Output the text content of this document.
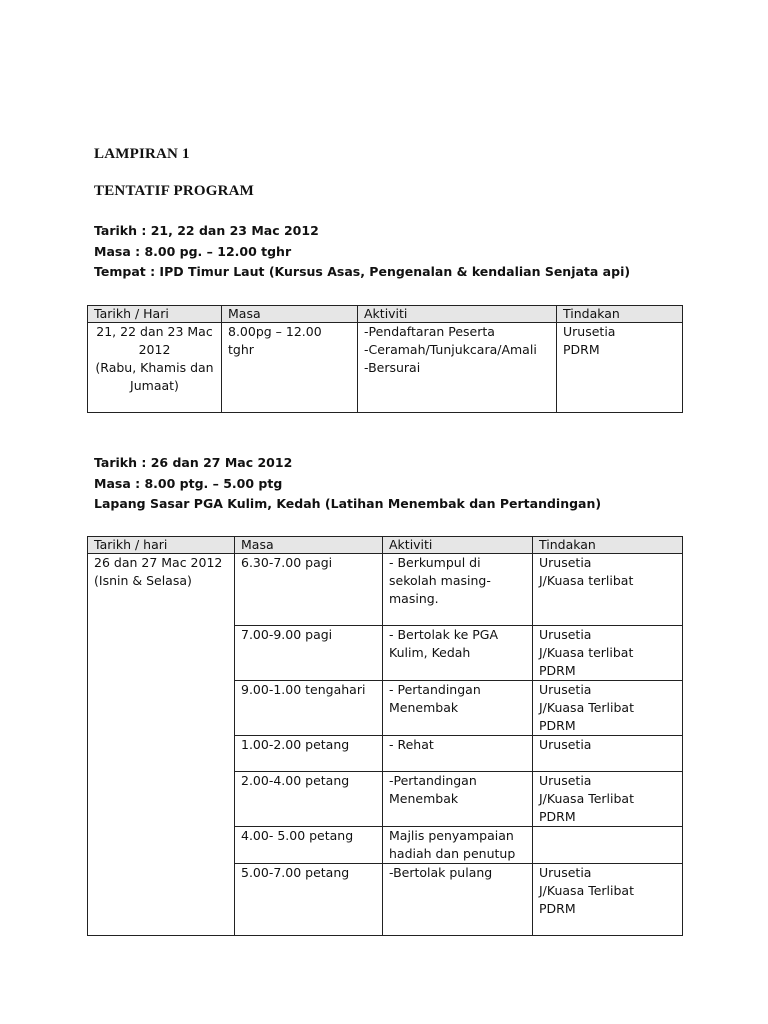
LAMPIRAN 1
TENTATIF PROGRAM
Tarikh : 21, 22 dan 23 Mac 2012
Masa : 8.00 pg. – 12.00 tghr
Tempat : IPD Timur Laut (Kursus Asas, Pengenalan & kendalian Senjata api)
Tarikh / Hari	Masa	Aktiviti	Tindakan

21, 22 dan 23 Mac
2012
(Rabu, Khamis dan
Jumaat)	8.00pg – 12.00
tghr	-Pendaftaran Peserta
-Ceramah/Tunjukcara/Amali
-Bersurai	Urusetia
PDRM
Tarikh : 26 dan 27 Mac 2012
Masa : 8.00 ptg. – 5.00 ptg
Lapang Sasar PGA Kulim, Kedah (Latihan Menembak dan Pertandingan)
Tarikh / hari	Masa	Aktiviti	Tindakan

26 dan 27 Mac 2012
(Isnin & Selasa)	6.30-7.00 pagi	- Berkumpul di
sekolah masing-
masing.	Urusetia
J/Kuasa terlibat

	7.00-9.00 pagi	- Bertolak ke PGA
Kulim, Kedah	Urusetia
J/Kuasa terlibat
PDRM

	9.00-1.00 tengahari	- Pertandingan
Menembak	Urusetia
J/Kuasa Terlibat
PDRM

	1.00-2.00 petang	- Rehat	Urusetia

	2.00-4.00 petang	-Pertandingan
Menembak	Urusetia
J/Kuasa Terlibat
PDRM

	4.00- 5.00 petang	Majlis penyampaian
hadiah dan penutup	

	5.00-7.00 petang	-Bertolak pulang	Urusetia
J/Kuasa Terlibat
PDRM
